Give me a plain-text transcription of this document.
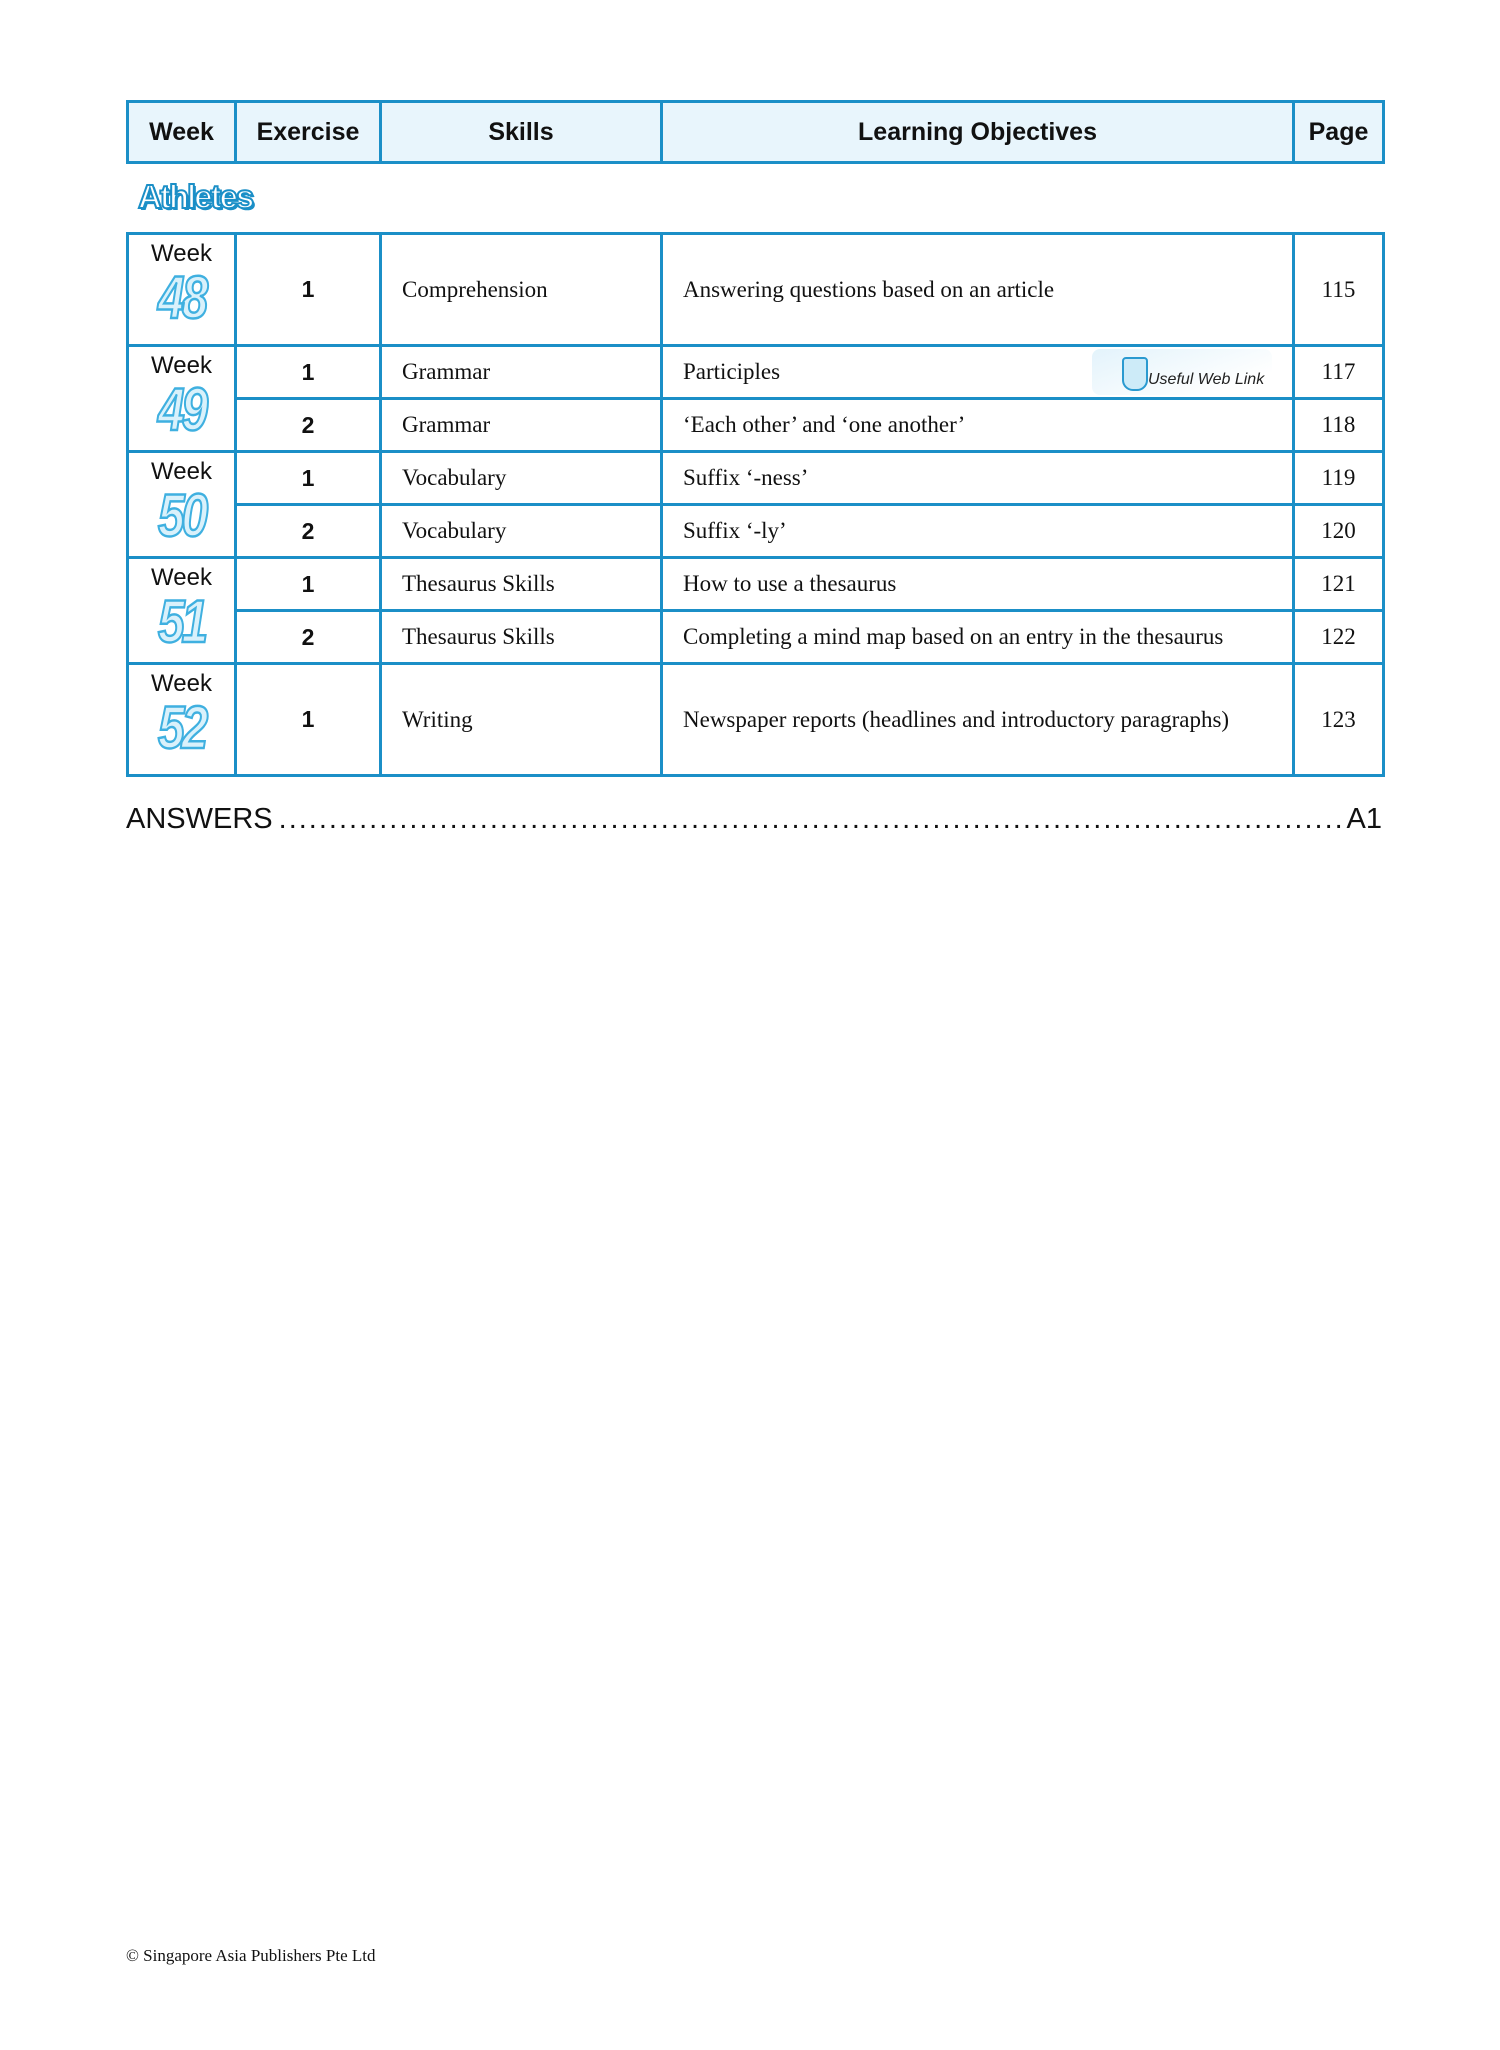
Week	Exercise	Skills	Learning Objectives	Page
Athletes
Week
48	1	Comprehension	Answering questions based on an article	115

Week
49	1	Grammar	Participles Useful Web Link	117
	2	Grammar	‘Each other’ and ‘one another’	118

Week
50	1	Vocabulary	Suffix ‘-ness’	119
	2	Vocabulary	Suffix ‘-ly’	120

Week
51	1	Thesaurus Skills	How to use a thesaurus	121
	2	Thesaurus Skills	Completing a mind map based on an entry in the thesaurus	122

Week
52	1	Writing	Newspaper reports (headlines and introductory paragraphs)	123
ANSWERS .....	A1
© Singapore Asia Publishers Pte Ltd
